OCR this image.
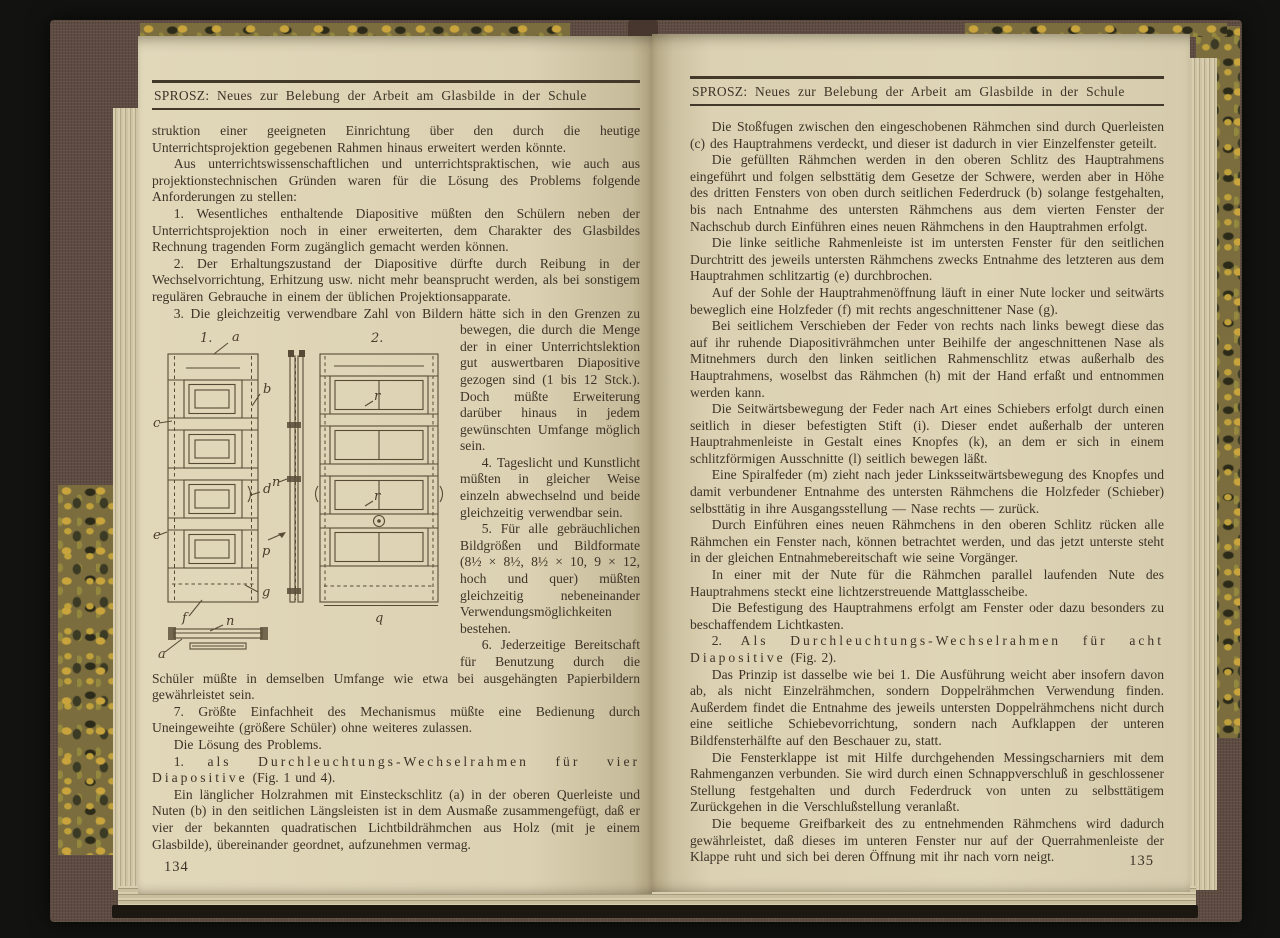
SPROSZ: Neues zur Belebung der Arbeit am Glasbilde in der Schule

struktion einer geeigneten Einrichtung über den durch die heutige Unterrichtsprojektion gegebenen Rahmen hinaus erweitert werden könnte.

Aus unterrichtswissenschaftlichen und unterrichtspraktischen, wie auch aus projektionstechnischen Gründen waren für die Lösung des Problems folgende Anforderungen zu stellen:

1. Wesentliches enthaltende Diapositive müßten den Schülern neben der Unterrichtsprojektion noch in einer erweiterten, dem Charakter des Glasbildes Rechnung tragenden Form zugänglich gemacht werden können.

2. Der Erhaltungszustand der Diapositive dürfte durch Reibung in der Wechselvorrichtung, Erhitzung usw. nicht mehr beansprucht werden, als bei sonstigem regulären Gebrauche in einem der üblichen Projektionsapparate.

3. Die gleichzeitig verwendbare Zahl von Bildern hätte sich in den
1. a
b
c
d
e
g
f
n
p
2.
r
r
q
n
a
Grenzen zu bewegen, die durch die Menge der in einer Unterrichtslektion gut auswertbaren Diapositive gezogen sind (1 bis 12 Stck.). Doch müßte Erweiterung darüber hinaus in jedem gewünschten Umfange möglich sein.

4. Tageslicht und Kunstlicht müßten in gleicher Weise einzeln abwechselnd und beide gleichzeitig verwendbar sein.

5. Für alle gebräuchlichen Bildgrößen und Bildformate (8½ × 8½, 8½ × 10, 9 × 12, hoch und quer) müßten gleichzeitig nebeneinander Verwendungsmöglichkeiten bestehen.

6. Jederzeitige Bereitschaft für Benutzung durch die Schüler müßte in demselben Umfange wie etwa bei ausgehängten Papierbildern gewährleistet sein.

7. Größte Einfachheit des Mechanismus müßte eine Bedienung durch Uneingeweihte (größere Schüler) ohne weiteres zulassen.

Die Lösung des Problems.

1. als Durchleuchtungs-Wechselrahmen für vier Diapositive (Fig. 1 und 4).

Ein länglicher Holzrahmen mit Einsteckschlitz (a) in der oberen Querleiste und Nuten (b) in den seitlichen Längsleisten ist in dem Ausmaße zusammengefügt, daß er vier der bekannten quadratischen Lichtbildrähmchen aus Holz (mit je einem Glasbilde), übereinander geordnet, aufzunehmen vermag.

134
SPROSZ: Neues zur Belebung der Arbeit am Glasbilde in der Schule

Die Stoßfugen zwischen den eingeschobenen Rähmchen sind durch Querleisten (c) des Hauptrahmens verdeckt, und dieser ist dadurch in vier Einzelfenster geteilt.

Die gefüllten Rähmchen werden in den oberen Schlitz des Hauptrahmens eingeführt und folgen selbsttätig dem Gesetze der Schwere, werden aber in Höhe des dritten Fensters von oben durch seitlichen Federdruck (b) solange festgehalten, bis nach Entnahme des untersten Rähmchens aus dem vierten Fenster der Nachschub durch Einführen eines neuen Rähmchens in den Hauptrahmen erfolgt.

Die linke seitliche Rahmenleiste ist im untersten Fenster für den seitlichen Durchtritt des jeweils untersten Rähmchens zwecks Entnahme des letzteren aus dem Hauptrahmen schlitzartig (e) durchbrochen.

Auf der Sohle der Hauptrahmenöffnung läuft in einer Nute locker und seitwärts beweglich eine Holzfeder (f) mit rechts angeschnittener Nase (g).

Bei seitlichem Verschieben der Feder von rechts nach links bewegt diese das auf ihr ruhende Diapositivrähmchen unter Beihilfe der angeschnittenen Nase als Mitnehmers durch den linken seitlichen Rahmenschlitz etwas außerhalb des Hauptrahmens, woselbst das Rähmchen (h) mit der Hand erfaßt und entnommen werden kann.

Die Seitwärtsbewegung der Feder nach Art eines Schiebers erfolgt durch einen seitlich in dieser befestigten Stift (i). Dieser endet außerhalb der unteren Hauptrahmenleiste in Gestalt eines Knopfes (k), an dem er sich in einem schlitzförmigen Ausschnitte (l) seitlich bewegen läßt.

Eine Spiralfeder (m) zieht nach jeder Linksseitwärtsbewegung des Knopfes und damit verbundener Entnahme des untersten Rähmchens die Holzfeder (Schieber) selbsttätig in ihre Ausgangsstellung — Nase rechts — zurück.

Durch Einführen eines neuen Rähmchens in den oberen Schlitz rücken alle Rähmchen ein Fenster nach, können betrachtet werden, und das jetzt unterste steht in der gleichen Entnahmebereitschaft wie seine Vorgänger.

In einer mit der Nute für die Rähmchen parallel laufenden Nute des Hauptrahmens steckt eine lichtzerstreuende Mattglasscheibe.

Die Befestigung des Hauptrahmens erfolgt am Fenster oder dazu besonders zu beschaffendem Lichtkasten.

2. Als Durchleuchtungs-Wechselrahmen für acht Diapositive (Fig. 2).

Das Prinzip ist dasselbe wie bei 1. Die Ausführung weicht aber insofern davon ab, als nicht Einzelrähmchen, sondern Doppelrähmchen Verwendung finden. Außerdem findet die Entnahme des jeweils untersten Doppelrähmchens nicht durch eine seitliche Schiebevorrichtung, sondern nach Aufklappen der unteren Bildfensterhälfte auf den Beschauer zu, statt.

Die Fensterklappe ist mit Hilfe durchgehenden Messingscharniers mit dem Rahmenganzen verbunden. Sie wird durch einen Schnappverschluß in geschlossener Stellung festgehalten und durch Federdruck von unten zu selbsttätigem Zurückgehen in die Verschlußstellung veranlaßt.

Die bequeme Greifbarkeit des zu entnehmenden Rähmchens wird dadurch gewährleistet, daß dieses im unteren Fenster nur auf der Querrahmenleiste der Klappe ruht und sich bei deren Öffnung mit ihr nach vorn neigt.	135
